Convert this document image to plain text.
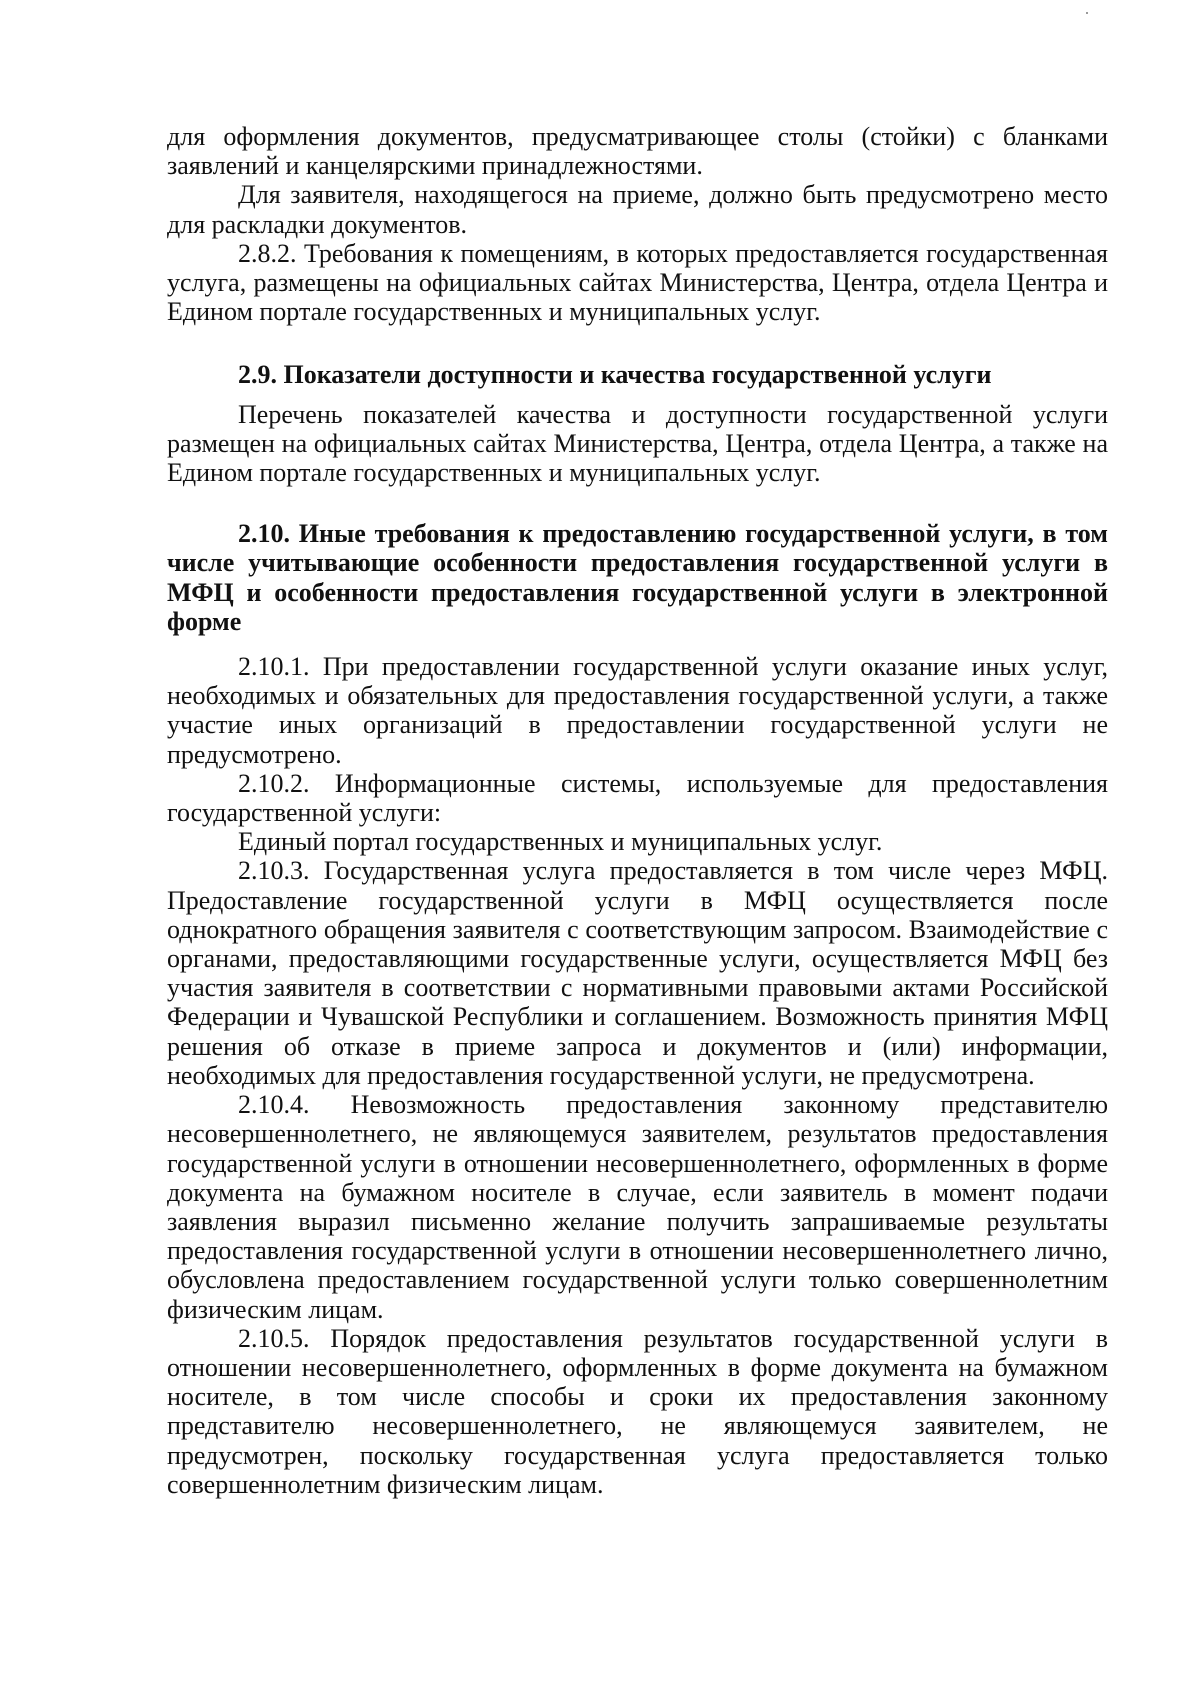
для оформления документов, предусматривающее столы (стойки) с бланками заявлений и канцелярскими принадлежностями.

Для заявителя, находящегося на приеме, должно быть предусмотрено место для раскладки документов.

2.8.2. Требования к помещениям, в которых предоставляется государственная услуга, размещены на официальных сайтах Министерства, Центра, отдела Центра и Едином портале государственных и муниципальных услуг.

2.9. Показатели доступности и качества государственной услуги

Перечень показателей качества и доступности государственной услуги размещен на официальных сайтах Министерства, Центра, отдела Центра, а также на Едином портале государственных и муниципальных услуг.

2.10. Иные требования к предоставлению государственной услуги, в том числе учитывающие особенности предоставления государственной услуги в МФЦ и особенности предоставления государственной услуги в электронной форме

2.10.1. При предоставлении государственной услуги оказание иных услуг, необходимых и обязательных для предоставления государственной услуги, а также участие иных организаций в предоставлении государственной услуги не предусмотрено.

2.10.2. Информационные системы, используемые для предоставления государственной услуги:

Единый портал государственных и муниципальных услуг.

2.10.3. Государственная услуга предоставляется в том числе через МФЦ. Предоставление государственной услуги в МФЦ осуществляется после однократного обращения заявителя с соответствующим запросом. Взаимодействие с органами, предоставляющими государственные услуги, осуществляется МФЦ без участия заявителя в соответствии с нормативными правовыми актами Российской Федерации и Чувашской Республики и соглашением. Возможность принятия МФЦ решения об отказе в приеме запроса и документов и (или) информации, необходимых для предоставления государственной услуги, не предусмотрена.

2.10.4. Невозможность предоставления законному представителю несовершеннолетнего, не являющемуся заявителем, результатов предоставления государственной услуги в отношении несовершеннолетнего, оформленных в форме документа на бумажном носителе в случае, если заявитель в момент подачи заявления выразил письменно желание получить запрашиваемые результаты предоставления государственной услуги в отношении несовершеннолетнего лично, обусловлена предоставлением государственной услуги только совершеннолетним физическим лицам.

2.10.5. Порядок предоставления результатов государственной услуги в отношении несовершеннолетнего, оформленных в форме документа на бумажном носителе, в том числе способы и сроки их предоставления законному представителю несовершеннолетнего, не являющемуся заявителем, не предусмотрен, поскольку государственная услуга предоставляется только совершеннолетним физическим лицам.
